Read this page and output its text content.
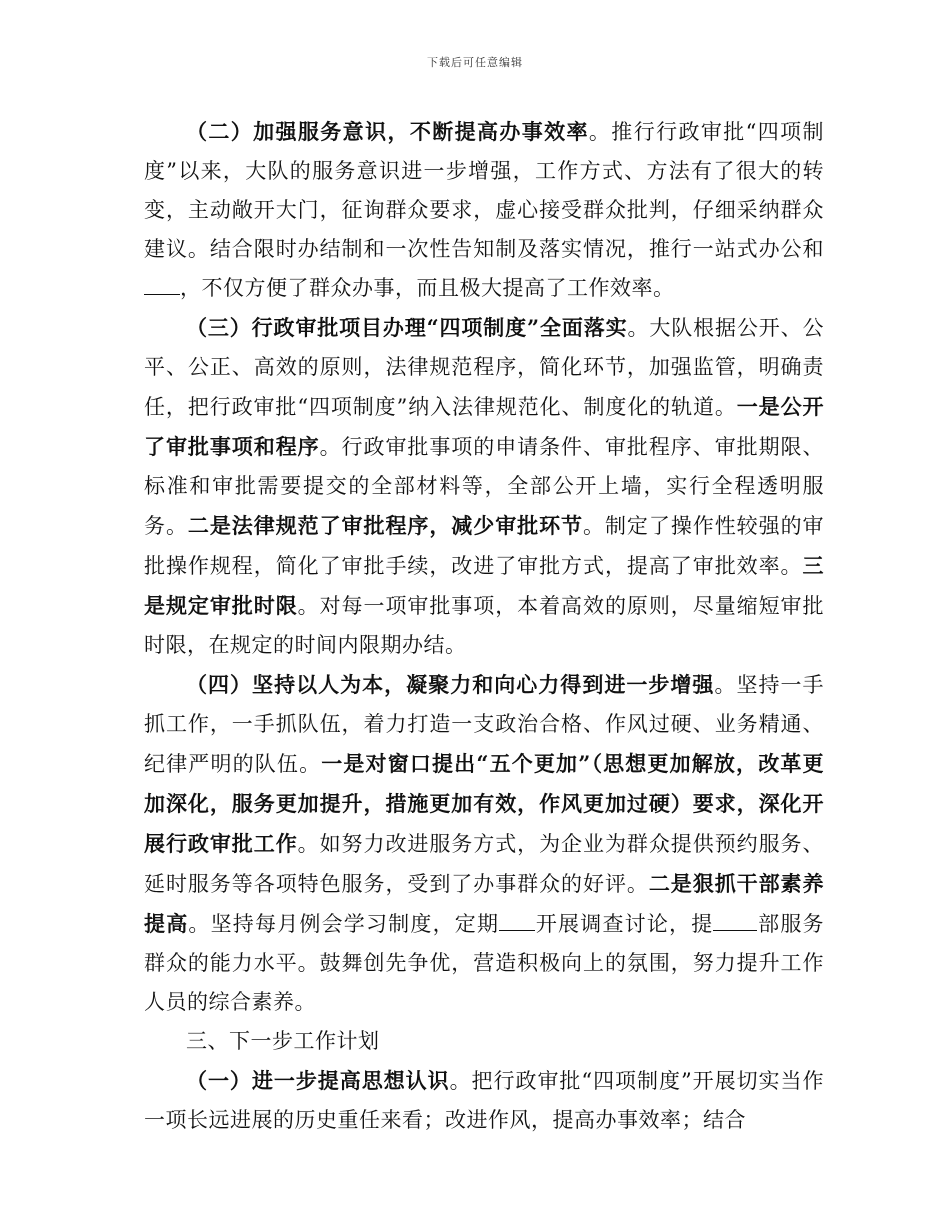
下载后可任意编辑

（二）加强服务意识，不断提高办事效率。推行行政审批“四项制度”以来，大队的服务意识进一步增强，工作方式、方法有了很大的转变，主动敞开大门，征询群众要求，虚心接受群众批判，仔细采纳群众建议。结合限时办结制和一次性告知制及落实情况，推行一站式办公和，不仅方便了群众办事，而且极大提高了工作效率。

（三）行政审批项目办理“四项制度”全面落实。大队根据公开、公平、公正、高效的原则，法律规范程序，简化环节，加强监管，明确责任，把行政审批“四项制度”纳入法律规范化、制度化的轨道。一是公开了审批事项和程序。行政审批事项的申请条件、审批程序、审批期限、标准和审批需要提交的全部材料等，全部公开上墙，实行全程透明服务。二是法律规范了审批程序，减少审批环节。制定了操作性较强的审批操作规程，简化了审批手续，改进了审批方式，提高了审批效率。三是规定审批时限。对每一项审批事项，本着高效的原则，尽量缩短审批时限，在规定的时间内限期办结。

（四）坚持以人为本，凝聚力和向心力得到进一步增强。坚持一手抓工作，一手抓队伍，着力打造一支政治合格、作风过硬、业务精通、纪律严明的队伍。一是对窗口提出“五个更加”（思想更加解放，改革更加深化，服务更加提升，措施更加有效，作风更加过硬）要求，深化开展行政审批工作。如努力改进服务方式，为企业为群众提供预约服务、延时服务等各项特色服务，受到了办事群众的好评。二是狠抓干部素养提高。坚持每月例会学习制度，定期 开展调查讨论，提 部服务群众的能力水平。鼓舞创先争优，营造积极向上的氛围，努力提升工作人员的综合素养。

三、下一步工作计划

（一）进一步提高思想认识。把行政审批“四项制度”开展切实当作一项长远进展的历史重任来看；改进作风，提高办事效率；结合
